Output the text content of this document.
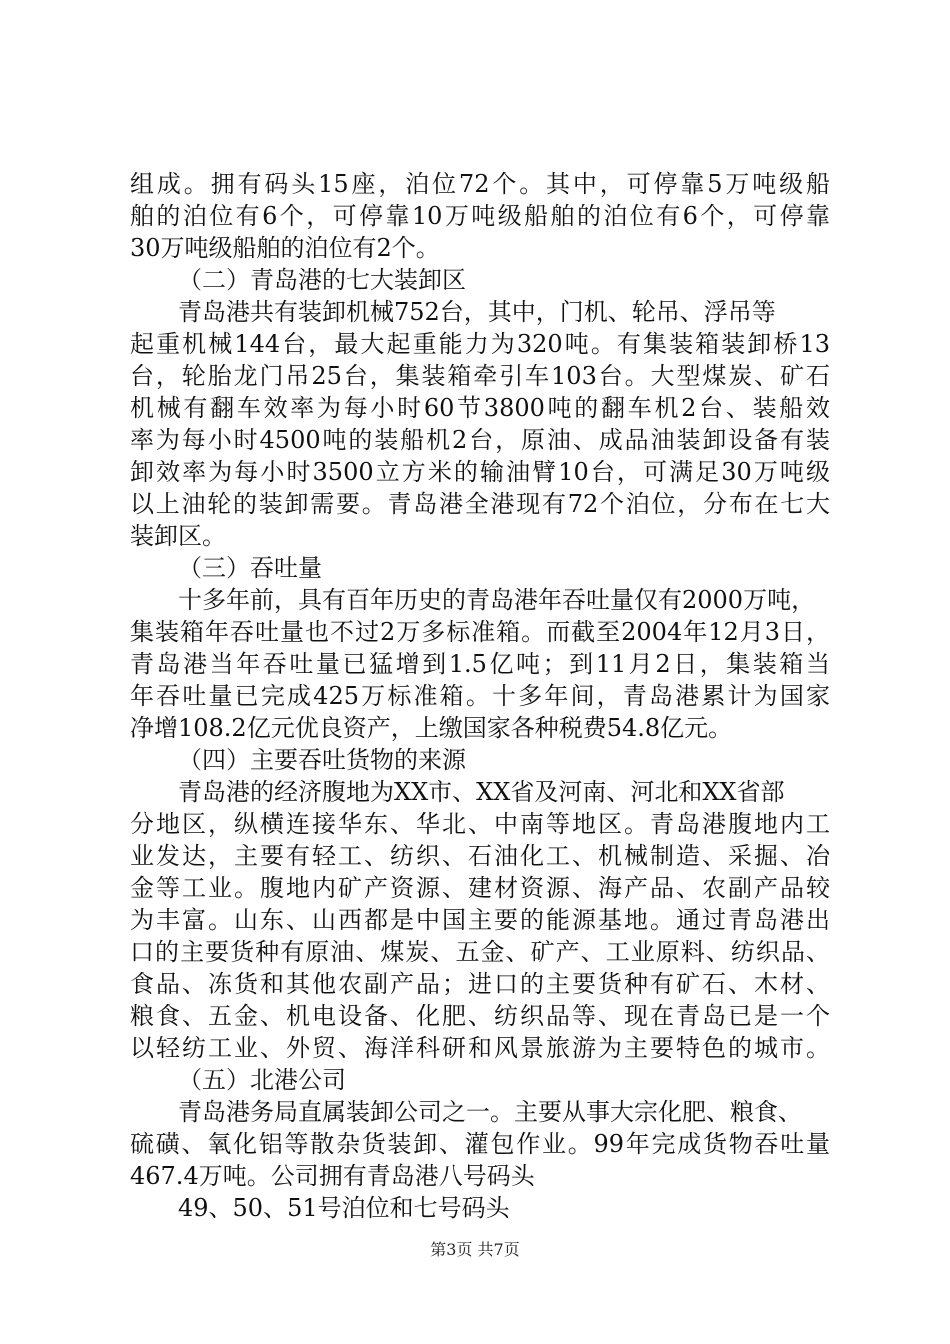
组成。拥有码头15座，泊位72个。其中，可停靠5万吨级船
舶的泊位有6个，可停靠10万吨级船舶的泊位有6个，可停靠
30万吨级船舶的泊位有2个。
（二）青岛港的七大装卸区
青岛港共有装卸机械752台，其中，门机、轮吊、浮吊等
起重机械144台，最大起重能力为320吨。有集装箱装卸桥13
台，轮胎龙门吊25台，集装箱牵引车103台。大型煤炭、矿石
机械有翻车效率为每小时60节3800吨的翻车机2台、装船效
率为每小时4500吨的装船机2台，原油、成品油装卸设备有装
卸效率为每小时3500立方米的输油臂10台，可满足30万吨级
以上油轮的装卸需要。青岛港全港现有72个泊位，分布在七大
装卸区。
（三）吞吐量
十多年前，具有百年历史的青岛港年吞吐量仅有2000万吨，
集装箱年吞吐量也不过2万多标准箱。而截至2004年12月3日，
青岛港当年吞吐量已猛增到1.5亿吨；到11月2日，集装箱当
年吞吐量已完成425万标准箱。十多年间，青岛港累计为国家
净增108.2亿元优良资产，上缴国家各种税费54.8亿元。
（四）主要吞吐货物的来源
青岛港的经济腹地为XX市、XX省及河南、河北和XX省部
分地区，纵横连接华东、华北、中南等地区。青岛港腹地内工
业发达，主要有轻工、纺织、石油化工、机械制造、采掘、冶
金等工业。腹地内矿产资源、建材资源、海产品、农副产品较
为丰富。山东、山西都是中国主要的能源基地。通过青岛港出
口的主要货种有原油、煤炭、五金、矿产、工业原料、纺织品、
食品、冻货和其他农副产品；进口的主要货种有矿石、木材、
粮食、五金、机电设备、化肥、纺织品等、现在青岛已是一个
以轻纺工业、外贸、海洋科研和风景旅游为主要特色的城市。
（五）北港公司
青岛港务局直属装卸公司之一。主要从事大宗化肥、粮食、
硫磺、氧化铝等散杂货装卸、灌包作业。99年完成货物吞吐量
467.4万吨。公司拥有青岛港八号码头
49、50、51号泊位和七号码头
第3页 共7页
